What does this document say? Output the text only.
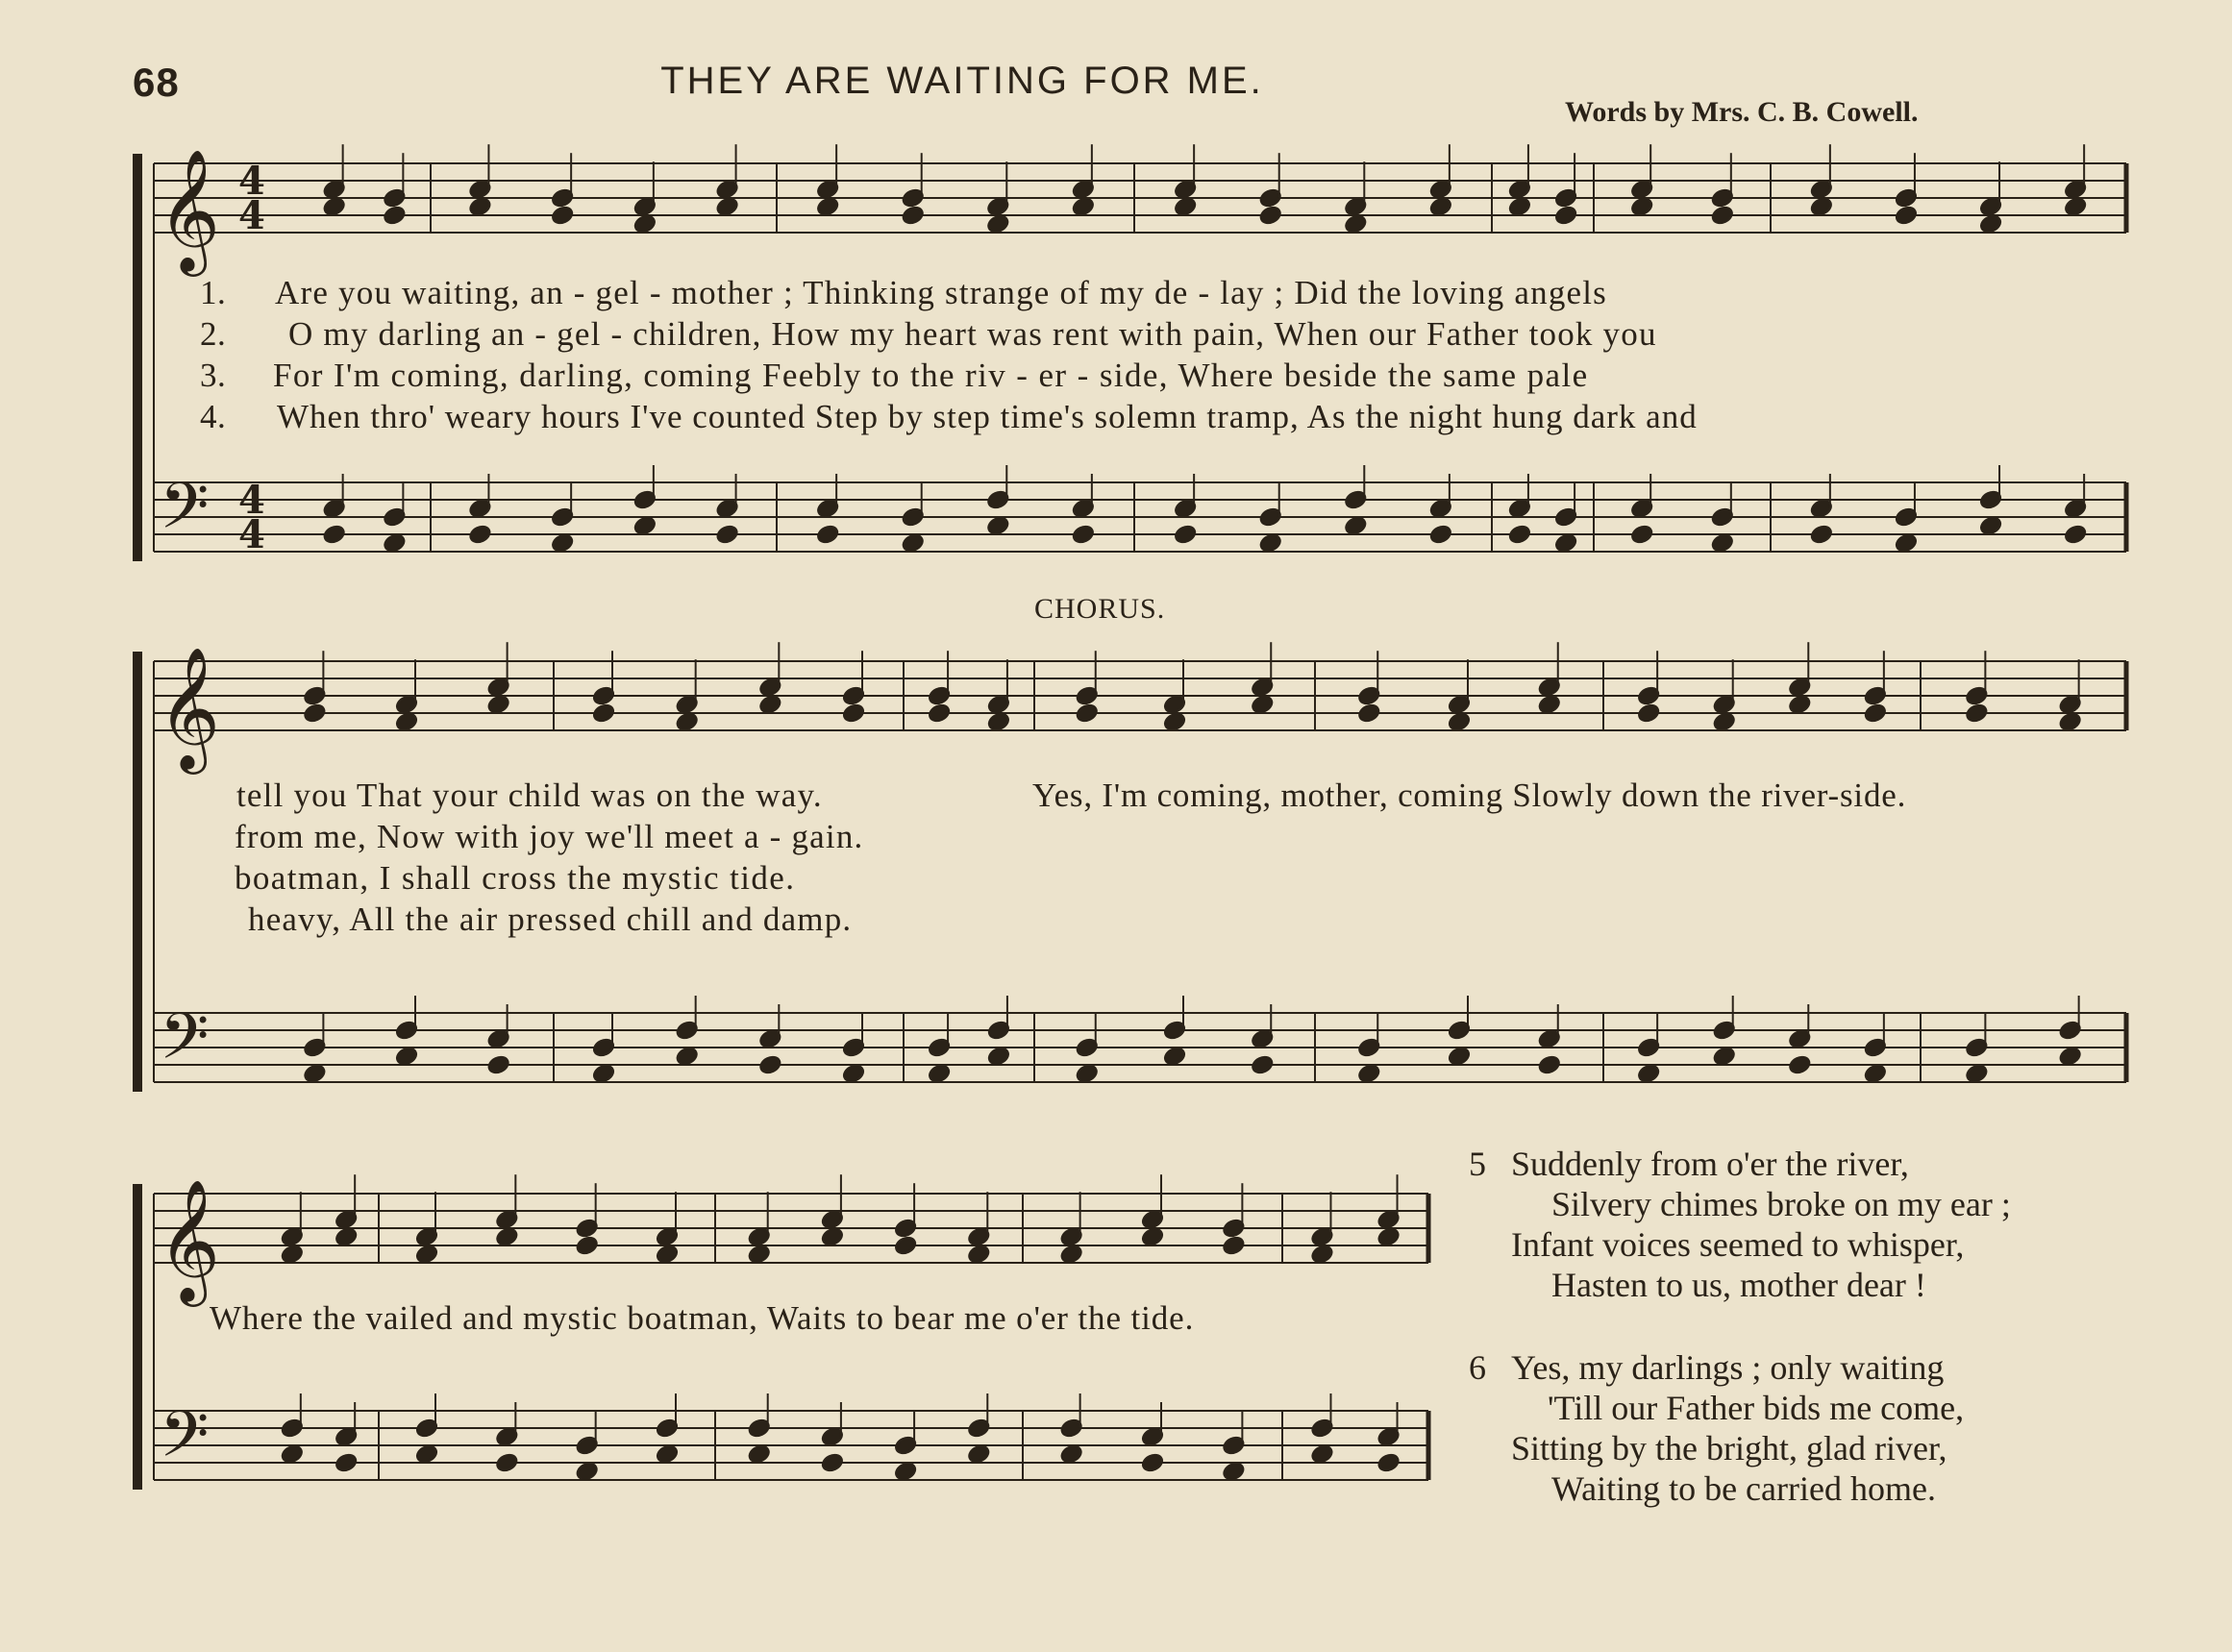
68	THEY ARE WAITING FOR ME.
Words by Mrs. C. B. Cowell.
𝄞
𝄢
4
4
4
4
𝄞
𝄢
𝄞
𝄢
1.
2.
3.
4.
Are you waiting, an - gel - mother ; Thinking strange of my de - lay ; Did the loving angels
O my darling an - gel - children, How my heart was rent with pain, When our Father took you
For I'm coming, darling, coming Feebly to the riv - er - side, Where beside the same pale
When thro' weary hours I've counted Step by step time's solemn tramp, As the night hung dark and
CHORUS.
tell you That your child was on the way.
from me, Now with joy we'll meet a - gain.
boatman, I shall cross the mystic tide.
heavy, All the air pressed chill and damp.
Yes, I'm coming, mother, coming Slowly down the river-side.
Where the vailed and mystic boatman, Waits to bear me o'er the tide.
5 Suddenly from o'er the river,
Silvery chimes broke on my ear ;
Infant voices seemed to whisper,
Hasten to us, mother dear !
6 Yes, my darlings ; only waiting
'Till our Father bids me come,
Sitting by the bright, glad river,
Waiting to be carried home.
